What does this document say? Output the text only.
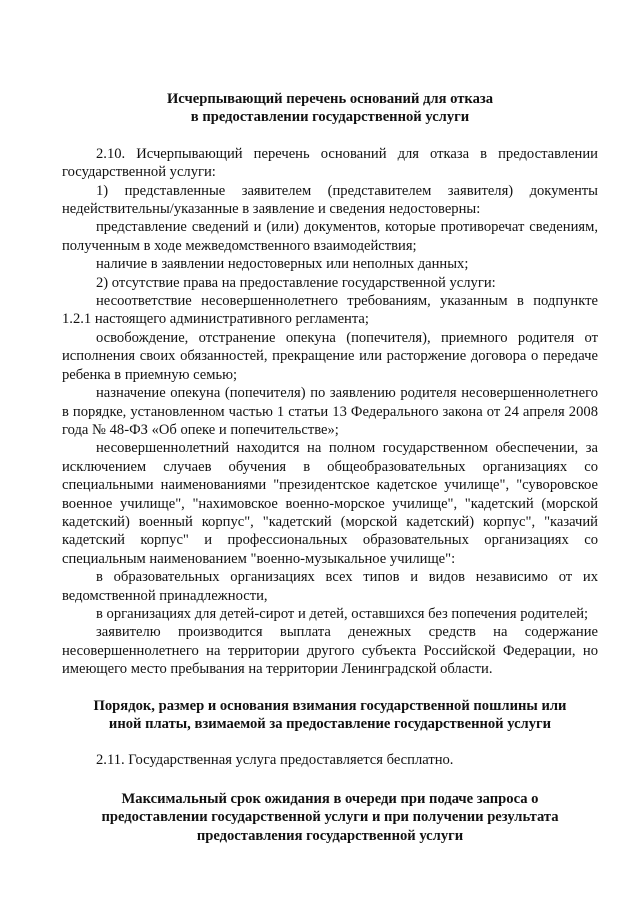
Исчерпывающий перечень оснований для отказа
в предоставлении государственной услуги

2.10. Исчерпывающий перечень оснований для отказа в предоставлении государственной услуги:

1) представленные заявителем (представителем заявителя) документы недействительны/указанные в заявление и сведения недостоверны:

представление сведений и (или) документов, которые противоречат сведениям, полученным в ходе межведомственного взаимодействия;

наличие в заявлении недостоверных или неполных данных;

2) отсутствие права на предоставление государственной услуги:

несоответствие несовершеннолетнего требованиям, указанным в подпункте 1.2.1 настоящего административного регламента;

освобождение, отстранение опекуна (попечителя), приемного родителя от исполнения своих обязанностей, прекращение или расторжение договора о передаче ребенка в приемную семью;

назначение опекуна (попечителя) по заявлению родителя несовершеннолетнего в порядке, установленном частью 1 статьи 13 Федерального закона от 24 апреля 2008 года № 48-ФЗ «Об опеке и попечительстве»;

несовершеннолетний находится на полном государственном обеспечении, за исключением случаев обучения в общеобразовательных организациях со специальными наименованиями "президентское кадетское училище", "суворовское военное училище", "нахимовское военно-морское училище", "кадетский (морской кадетский) военный корпус", "кадетский (морской кадетский) корпус", "казачий кадетский корпус" и профессиональных образовательных организациях со специальным наименованием "военно-музыкальное училище":

в образовательных организациях всех типов и видов независимо от их ведомственной принадлежности,

в организациях для детей-сирот и детей, оставшихся без попечения родителей;

заявителю производится выплата денежных средств на содержание несовершеннолетнего на территории другого субъекта Российской Федерации, но имеющего место пребывания на территории Ленинградской области.

Порядок, размер и основания взимания государственной пошлины или
иной платы, взимаемой за предоставление государственной услуги

2.11. Государственная услуга предоставляется бесплатно.

Максимальный срок ожидания в очереди при подаче запроса о
предоставлении государственной услуги и при получении результата
предоставления государственной услуги
